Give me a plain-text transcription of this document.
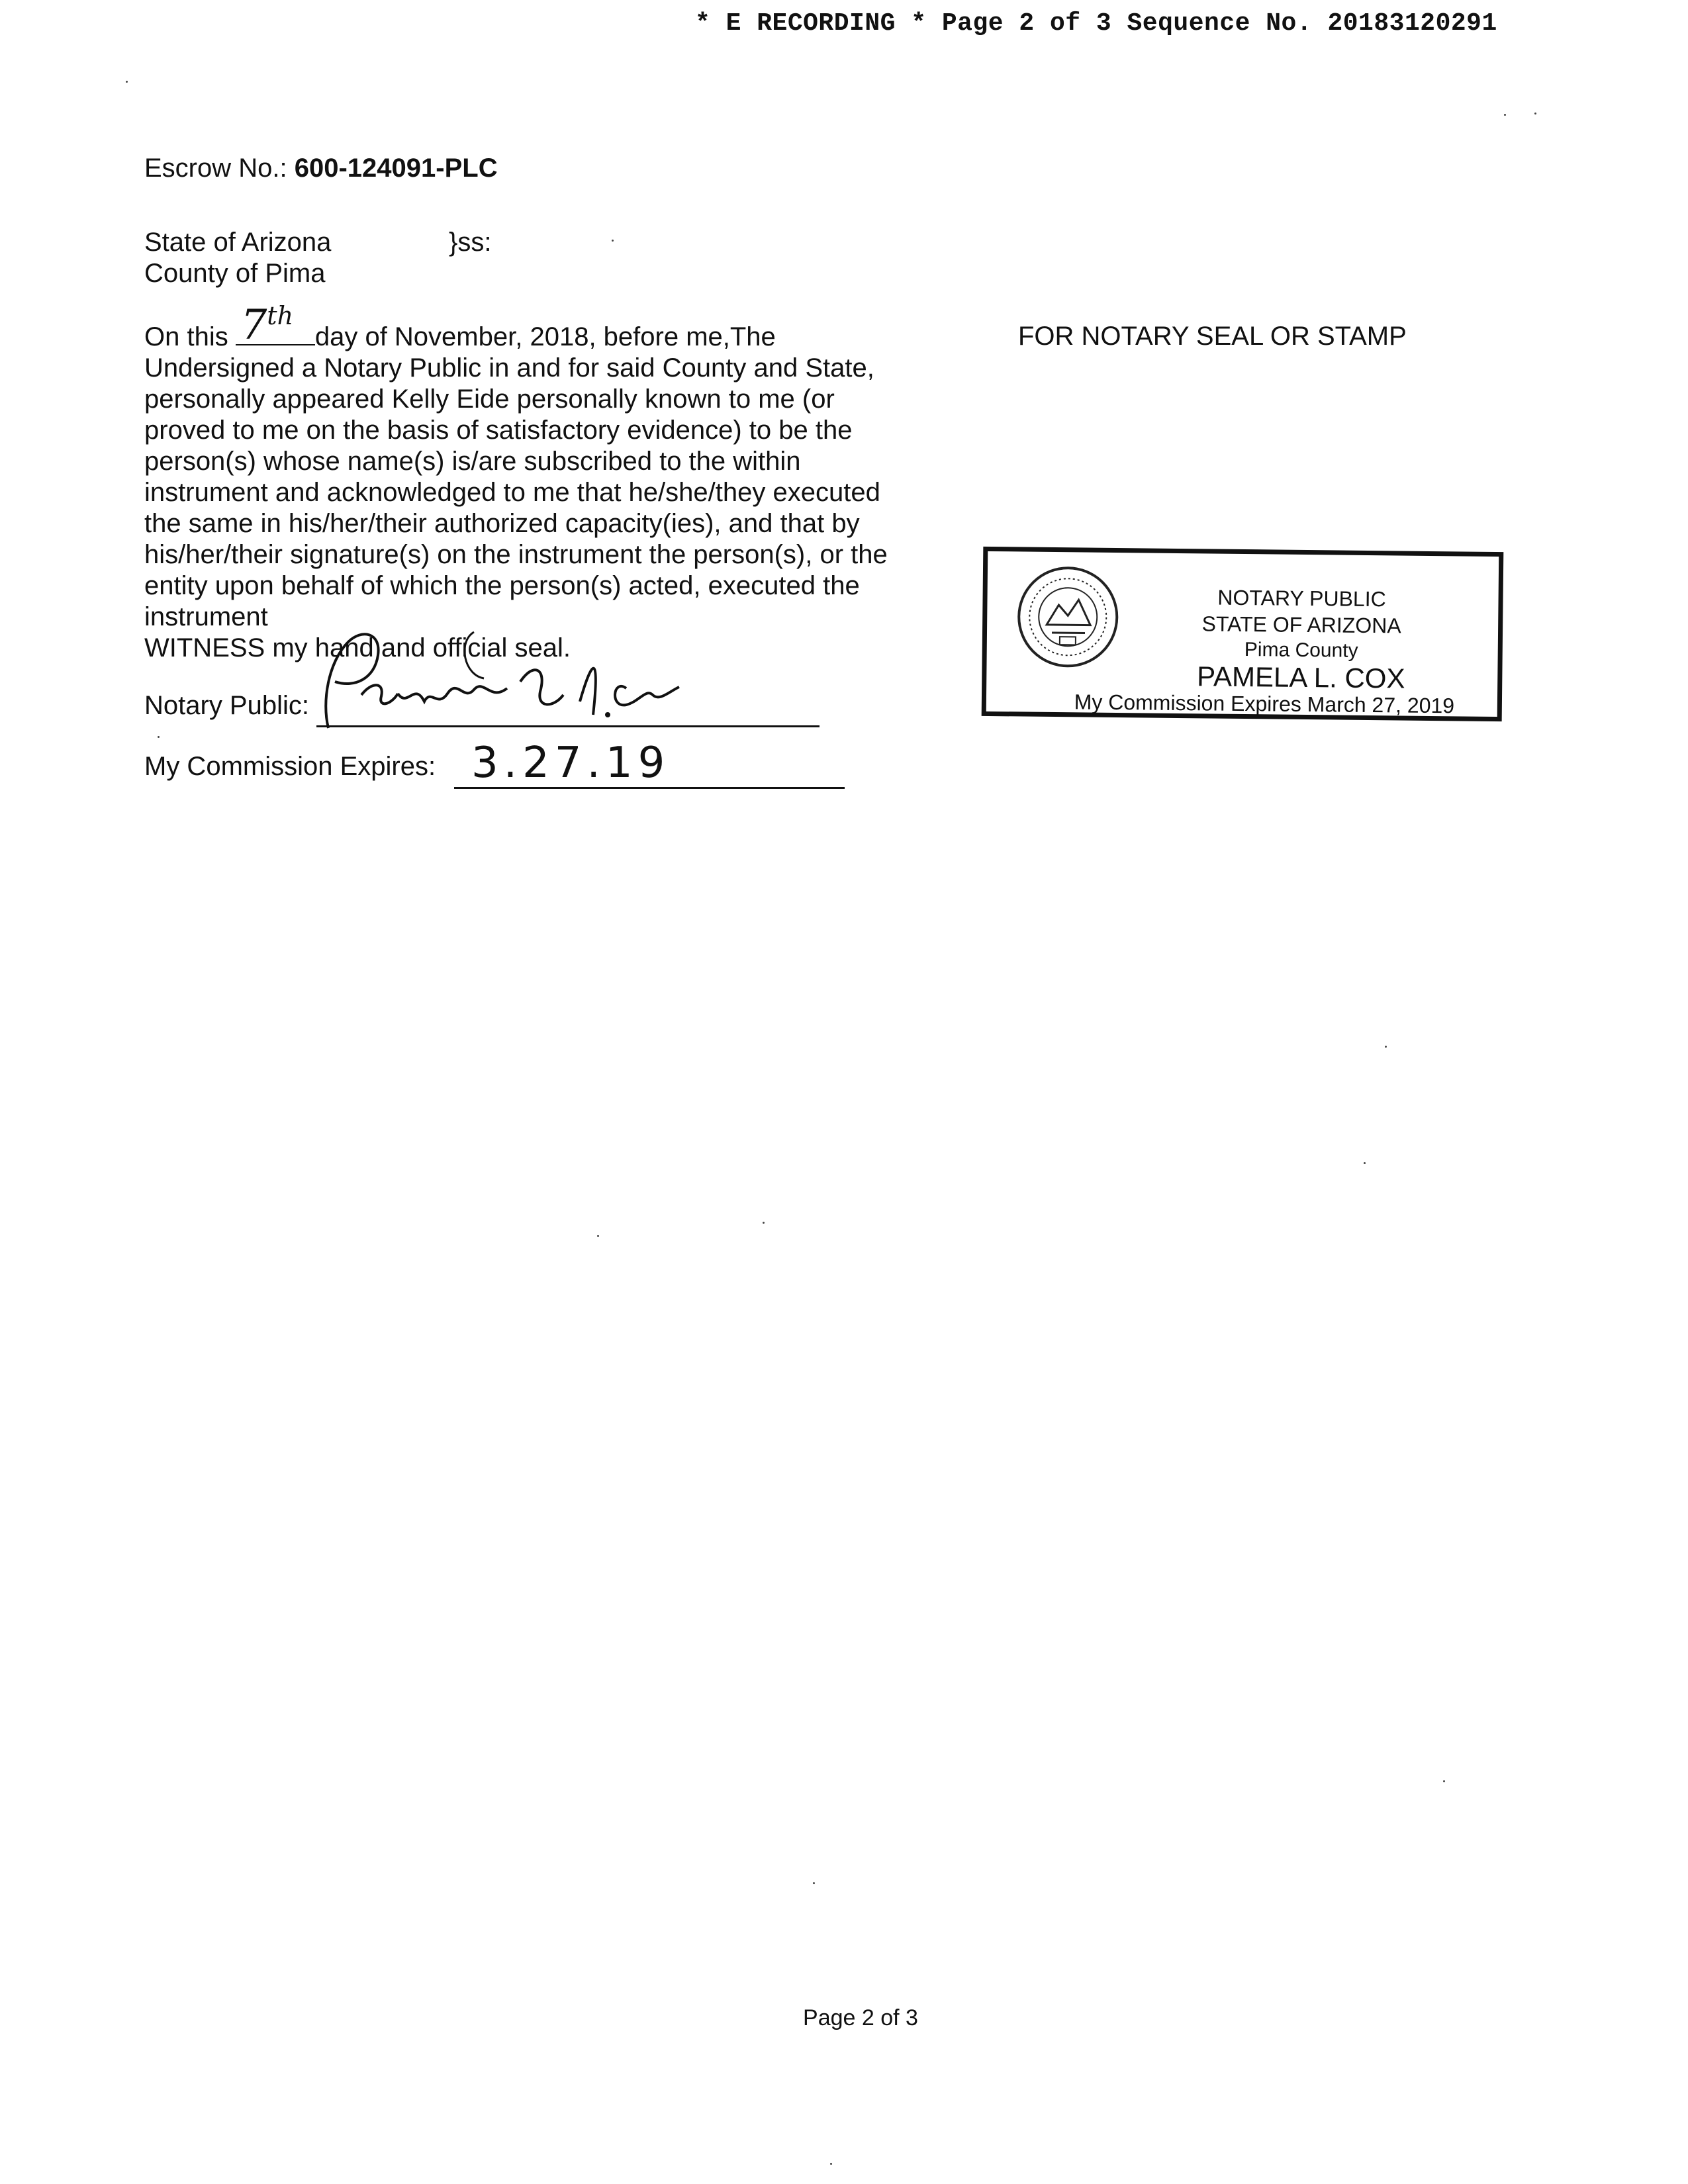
* E RECORDING * Page 2 of 3 Sequence No. 20183120291
Escrow No.: 600-124091-PLC
State of Arizona	}ss:
County of Pima
On this 7th
day of November, 2018, before me,The
Undersigned a Notary Public in and for said County and State,
personally appeared Kelly Eide personally known to me (or
proved to me on the basis of satisfactory evidence) to be the
person(s) whose name(s) is/are subscribed to the within
instrument and acknowledged to me that he/she/they executed
the same in his/her/their authorized capacity(ies), and that by
his/her/their signature(s) on the instrument the person(s), or the
entity upon behalf of which the person(s) acted, executed the
instrument
WITNESS my hand and official seal.
Notary Public:
My Commission Expires: 3.27.19
FOR NOTARY SEAL OR STAMP
NOTARY PUBLIC
STATE OF ARIZONA
Pima County
PAMELA L. COX
My Commission Expires March 27, 2019
Page 2 of 3
